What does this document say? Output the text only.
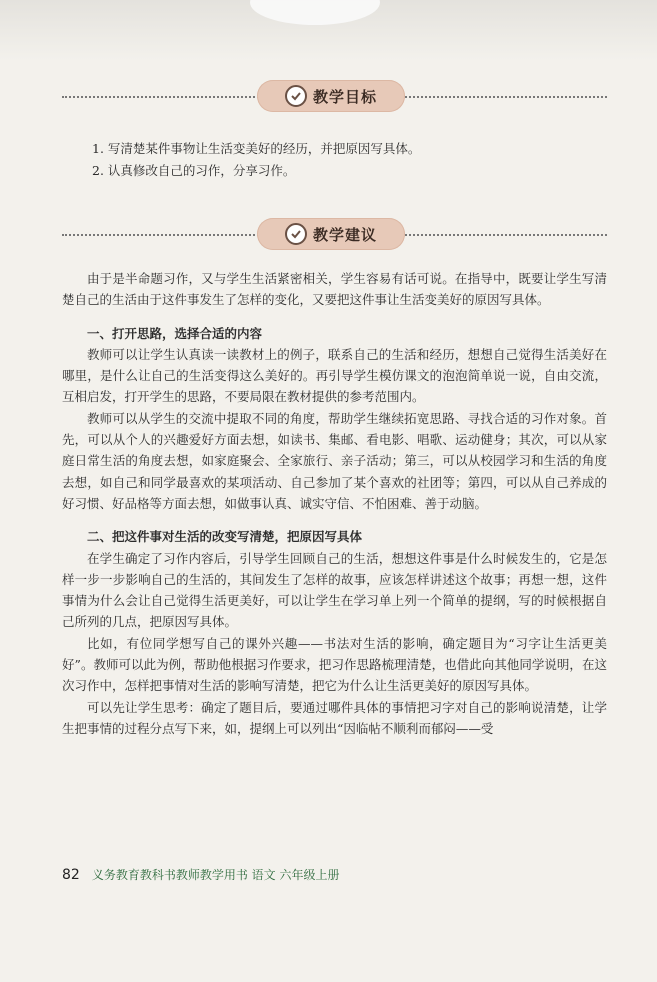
教学目标
1. 写清楚某件事物让生活变美好的经历，并把原因写具体。
2. 认真修改自己的习作，分享习作。
教学建议

由于是半命题习作，又与学生生活紧密相关，学生容易有话可说。在指导中，既要让学生写清楚自己的生活由于这件事发生了怎样的变化，又要把这件事让生活变美好的原因写具体。

一、打开思路，选择合适的内容

教师可以让学生认真读一读教材上的例子，联系自己的生活和经历，想想自己觉得生活美好在哪里，是什么让自己的生活变得这么美好的。再引导学生模仿课文的泡泡简单说一说，自由交流，互相启发，打开学生的思路，不要局限在教材提供的参考范围内。

教师可以从学生的交流中提取不同的角度，帮助学生继续拓宽思路、寻找合适的习作对象。首先，可以从个人的兴趣爱好方面去想，如读书、集邮、看电影、唱歌、运动健身；其次，可以从家庭日常生活的角度去想，如家庭聚会、全家旅行、亲子活动；第三，可以从校园学习和生活的角度去想，如自己和同学最喜欢的某项活动、自己参加了某个喜欢的社团等；第四，可以从自己养成的好习惯、好品格等方面去想，如做事认真、诚实守信、不怕困难、善于动脑。

二、把这件事对生活的改变写清楚，把原因写具体

在学生确定了习作内容后，引导学生回顾自己的生活，想想这件事是什么时候发生的，它是怎样一步一步影响自己的生活的，其间发生了怎样的故事，应该怎样讲述这个故事；再想一想，这件事情为什么会让自己觉得生活更美好，可以让学生在学习单上列一个简单的提纲，写的时候根据自己所列的几点，把原因写具体。

比如，有位同学想写自己的课外兴趣——书法对生活的影响，确定题目为“习字让生活更美好”。教师可以此为例，帮助他根据习作要求，把习作思路梳理清楚，也借此向其他同学说明，在这次习作中，怎样把事情对生活的影响写清楚，把它为什么让生活更美好的原因写具体。

可以先让学生思考：确定了题目后，要通过哪件具体的事情把习字对自己的影响说清楚，让学生把事情的过程分点写下来，如，提纲上可以列出“因临帖不顺利而郁闷——受

82 义务教育教科书教师教学用书 语文 六年级上册
